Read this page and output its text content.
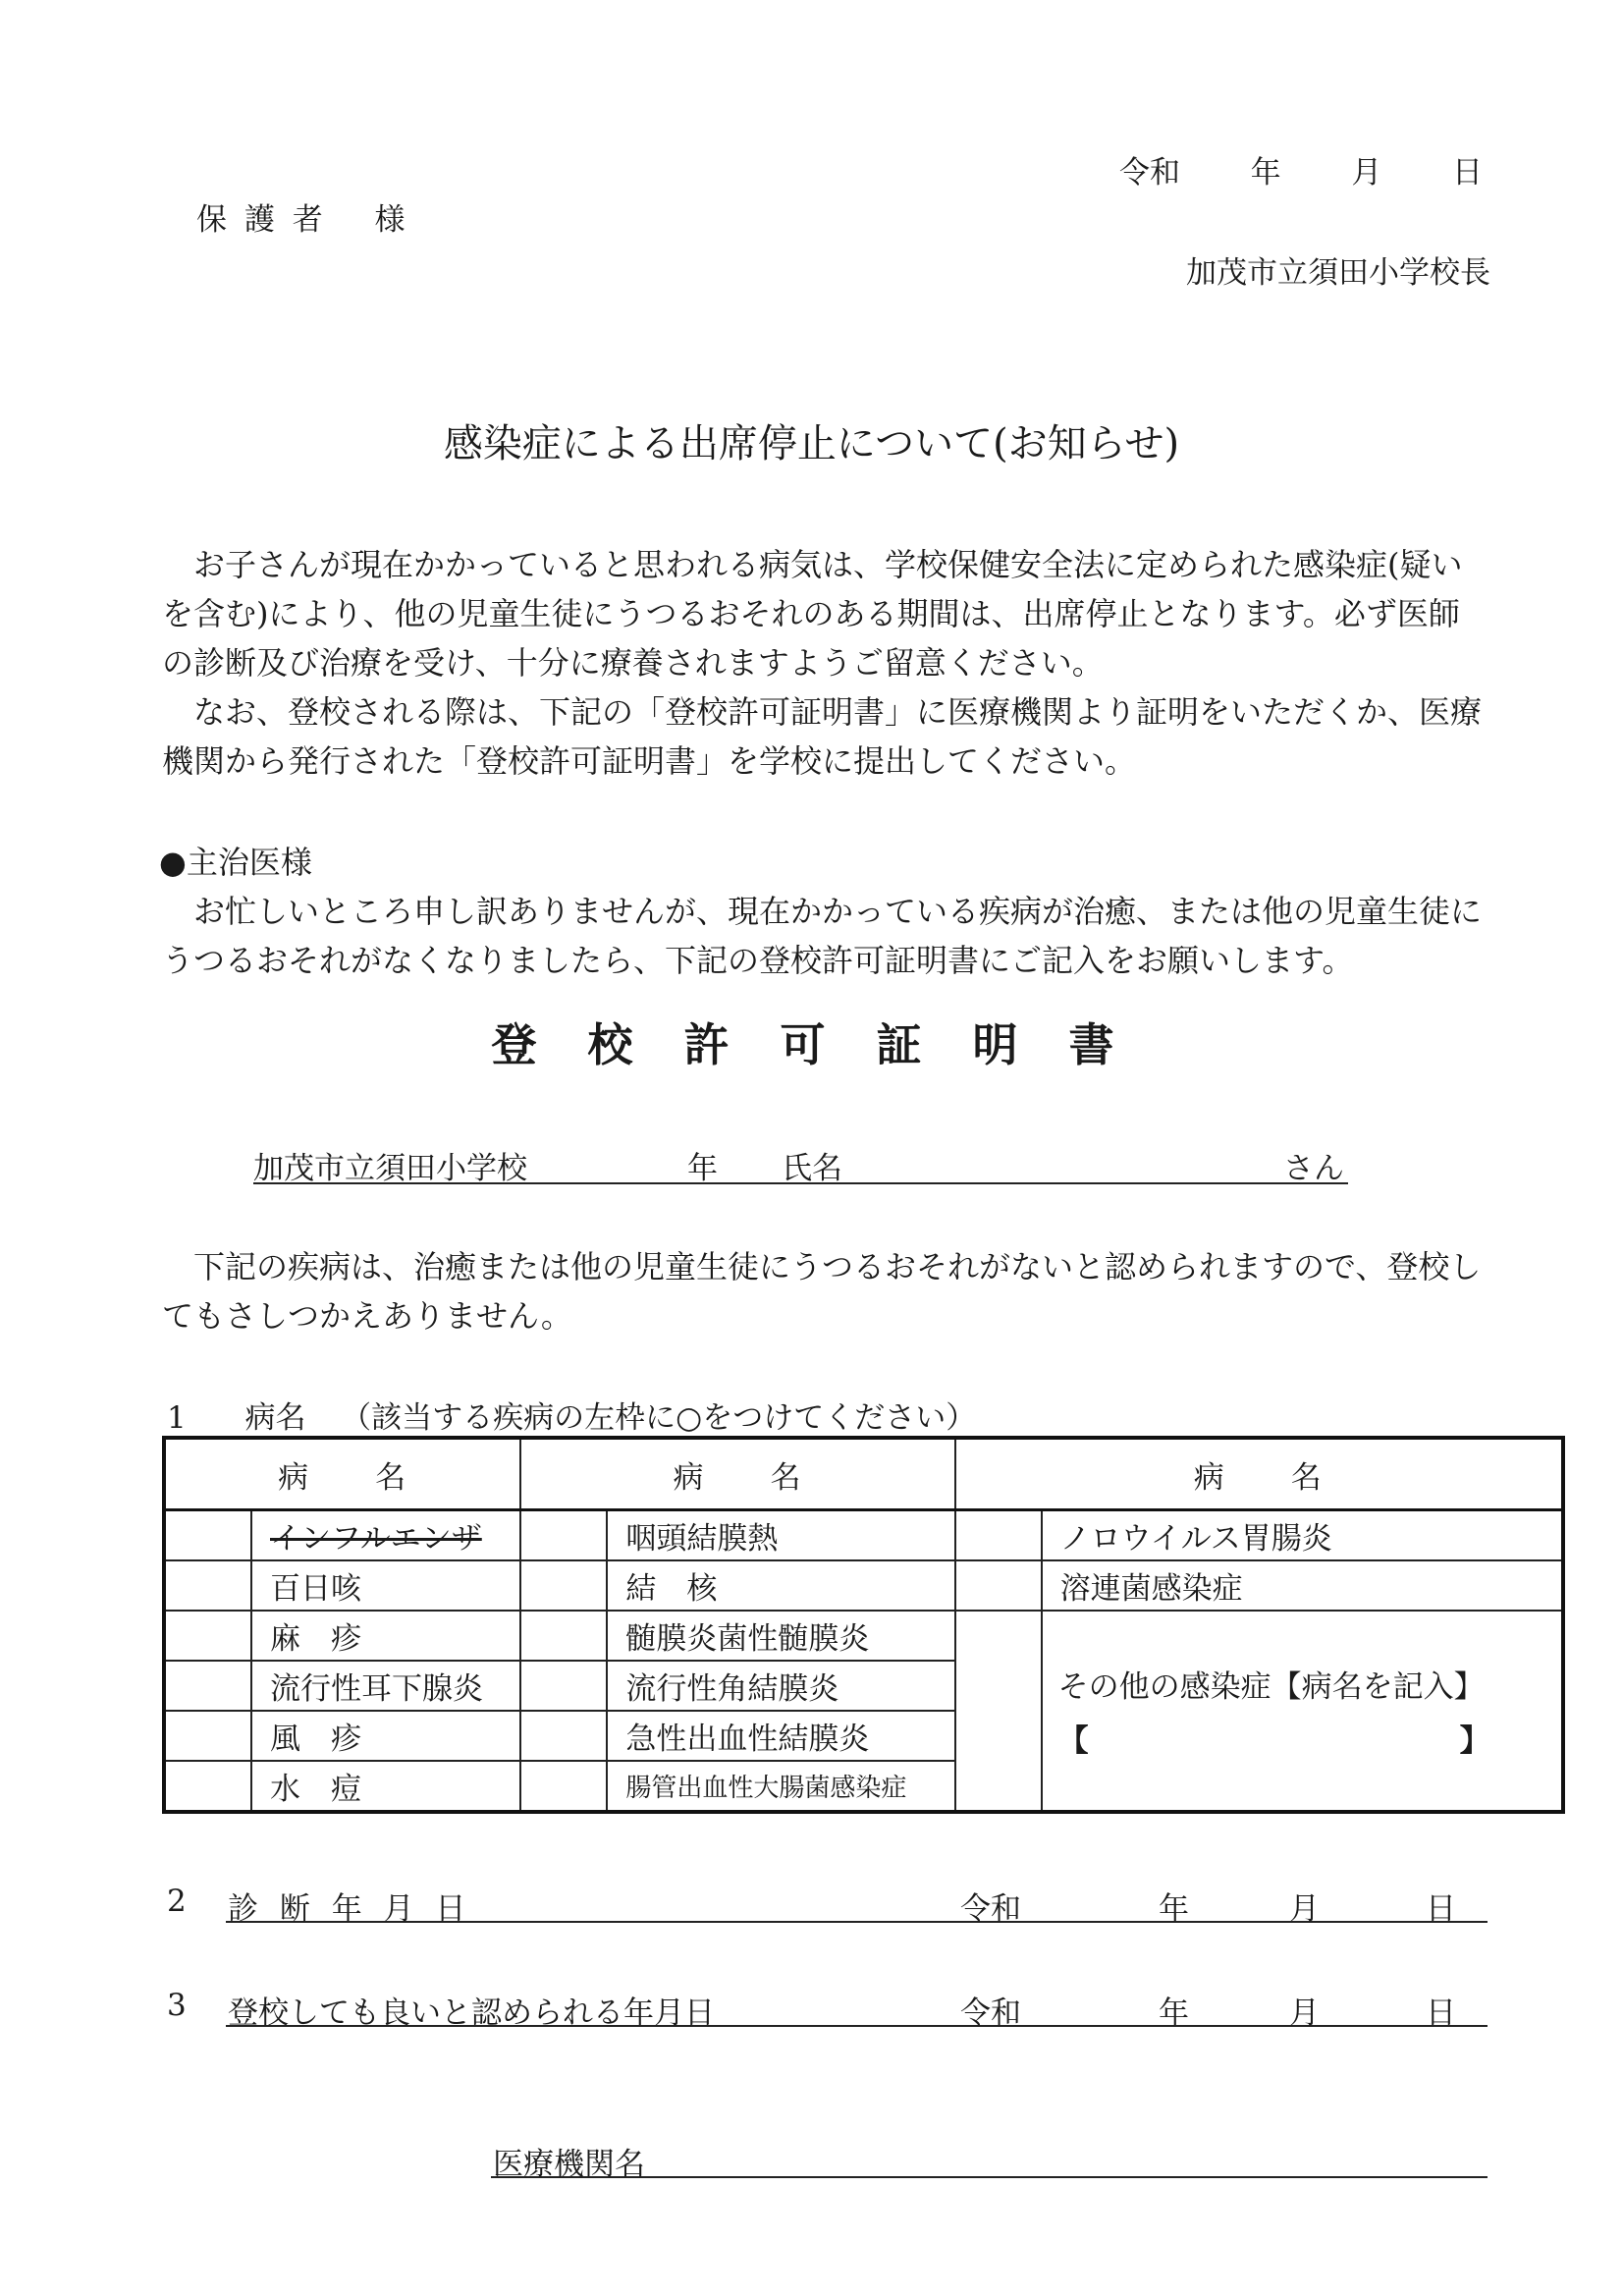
令和 年 月 日
保 護 者　 様
加茂市立須田小学校長
感染症による出席停止について(お知らせ)

お子さんが現在かかっていると思われる病気は、学校保健安全法に定められた感染症(疑いを含む)により、他の児童生徒にうつるおそれのある期間は、出席停止となります。必ず医師の診断及び治療を受け、十分に療養されますようご留意ください。

なお、登校される際は、下記の「登校許可証明書」に医療機関より証明をいただくか、医療機関から発行された「登校許可証明書」を学校に提出してください。

●主治医様

お忙しいところ申し訳ありませんが、現在かかっている疾病が治癒、または他の児童生徒にうつるおそれがなくなりましたら、下記の登校許可証明書にご記入をお願いします。

登 校 許 可 証 明 書
加茂市立須田小学校	年 氏名	さん
下記の疾病は、治癒または他の児童生徒にうつるおそれがないと認められますので、登校してもさしつかえありません。
1 病名 （該当する疾病の左枠に○をつけてください）
病　　名		病　　名		病　　名	
	インフルエンザ		咽頭結膜熱		ノロウイルス胃腸炎
	百日咳		結　核		溶連菌感染症
	麻　疹		髄膜炎菌性髄膜炎		その他の感染症【病名を記入】
【 】

	流行性耳下腺炎		流行性角結膜炎		
	風　疹		急性出血性結膜炎		
	水　痘		腸管出血性大腸菌感染症		
2 診 断 年 月 日	令和	年	月	日
3 登校しても良いと認められる年月日	令和	年	月	日
医療機関名
